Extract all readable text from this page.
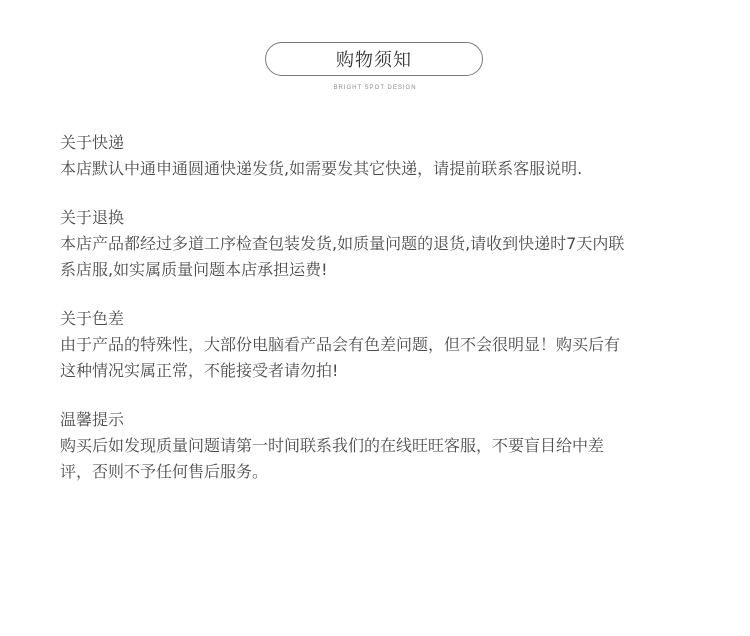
购物须知
BRIGHT SPOT DESIGN
关于快递
本店默认中通申通圆通快递发货,如需要发其它快递，请提前联系客服说明.
关于退换
本店产品都经过多道工序检查包装发货,如质量问题的退货,请收到快递时7天内联
系店服,如实属质量问题本店承担运费!
关于色差
由于产品的特殊性，大部份电脑看产品会有色差问题，但不会很明显！购买后有
这种情况实属正常，不能接受者请勿拍!
温馨提示
购买后如发现质量问题请第一时间联系我们的在线旺旺客服，不要盲目给中差
评，否则不予任何售后服务。
